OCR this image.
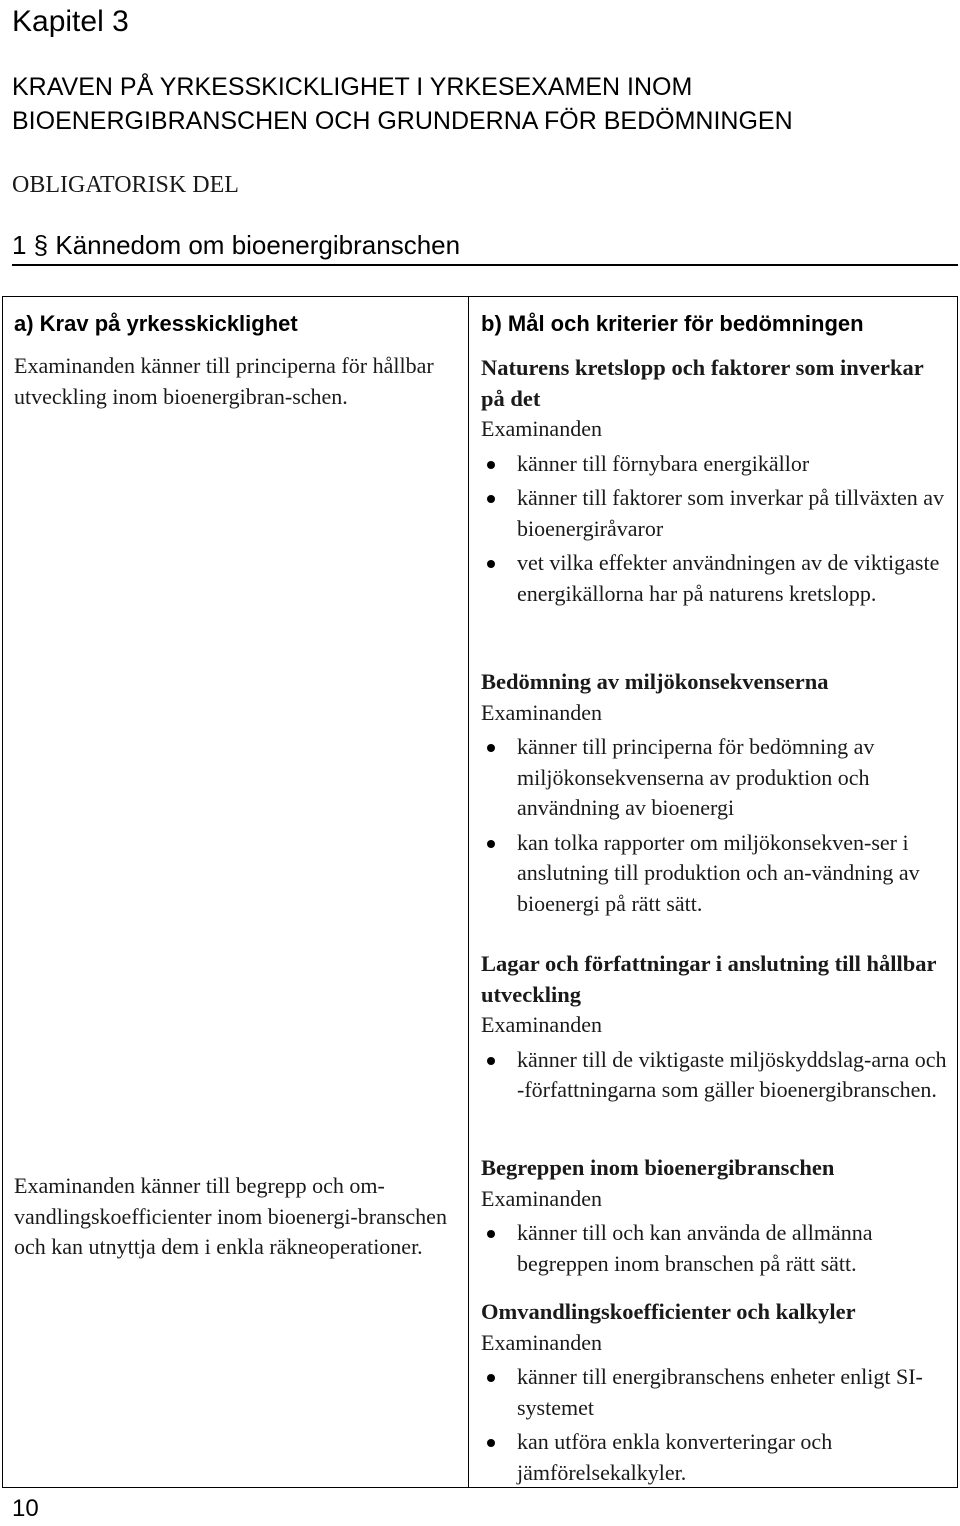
Kapitel 3
KRAVEN PÅ YRKESSKICKLIGHET I YRKESEXAMEN INOM BIOENERGIBRANSCHEN OCH GRUNDERNA FÖR BEDÖMNINGEN
OBLIGATORISK DEL
1 § Kännedom om bioenergibranschen
a) Krav på yrkesskicklighet
Examinanden känner till principerna för hållbar utveckling inom bioenergibran-schen.
Examinanden känner till begrepp och om-vandlingskoefficienter inom bioenergi-branschen och kan utnyttja dem i enkla räkneoperationer.
b) Mål och kriterier för bedömningen
Naturens kretslopp och faktorer som inverkar på det
Examinanden
känner till förnybara energikällor
känner till faktorer som inverkar på tillväxten av bioenergiråvaror
vet vilka effekter användningen av de viktigaste energikällorna har på naturens kretslopp.
Bedömning av miljökonsekvenserna
Examinanden
känner till principerna för bedömning av miljökonsekvenserna av produktion och användning av bioenergi
kan tolka rapporter om miljökonsekven-ser i anslutning till produktion och an-vändning av bioenergi på rätt sätt.
Lagar och författningar i anslutning till hållbar utveckling
Examinanden
känner till de viktigaste miljöskyddslag-arna och -författningarna som gäller bioenergibranschen.
Begreppen inom bioenergibranschen
Examinanden
känner till och kan använda de allmänna begreppen inom branschen på rätt sätt.
Omvandlingskoefficienter och kalkyler
Examinanden
känner till energibranschens enheter enligt SI-systemet
kan utföra enkla konverteringar och jämförelsekalkyler.
10
